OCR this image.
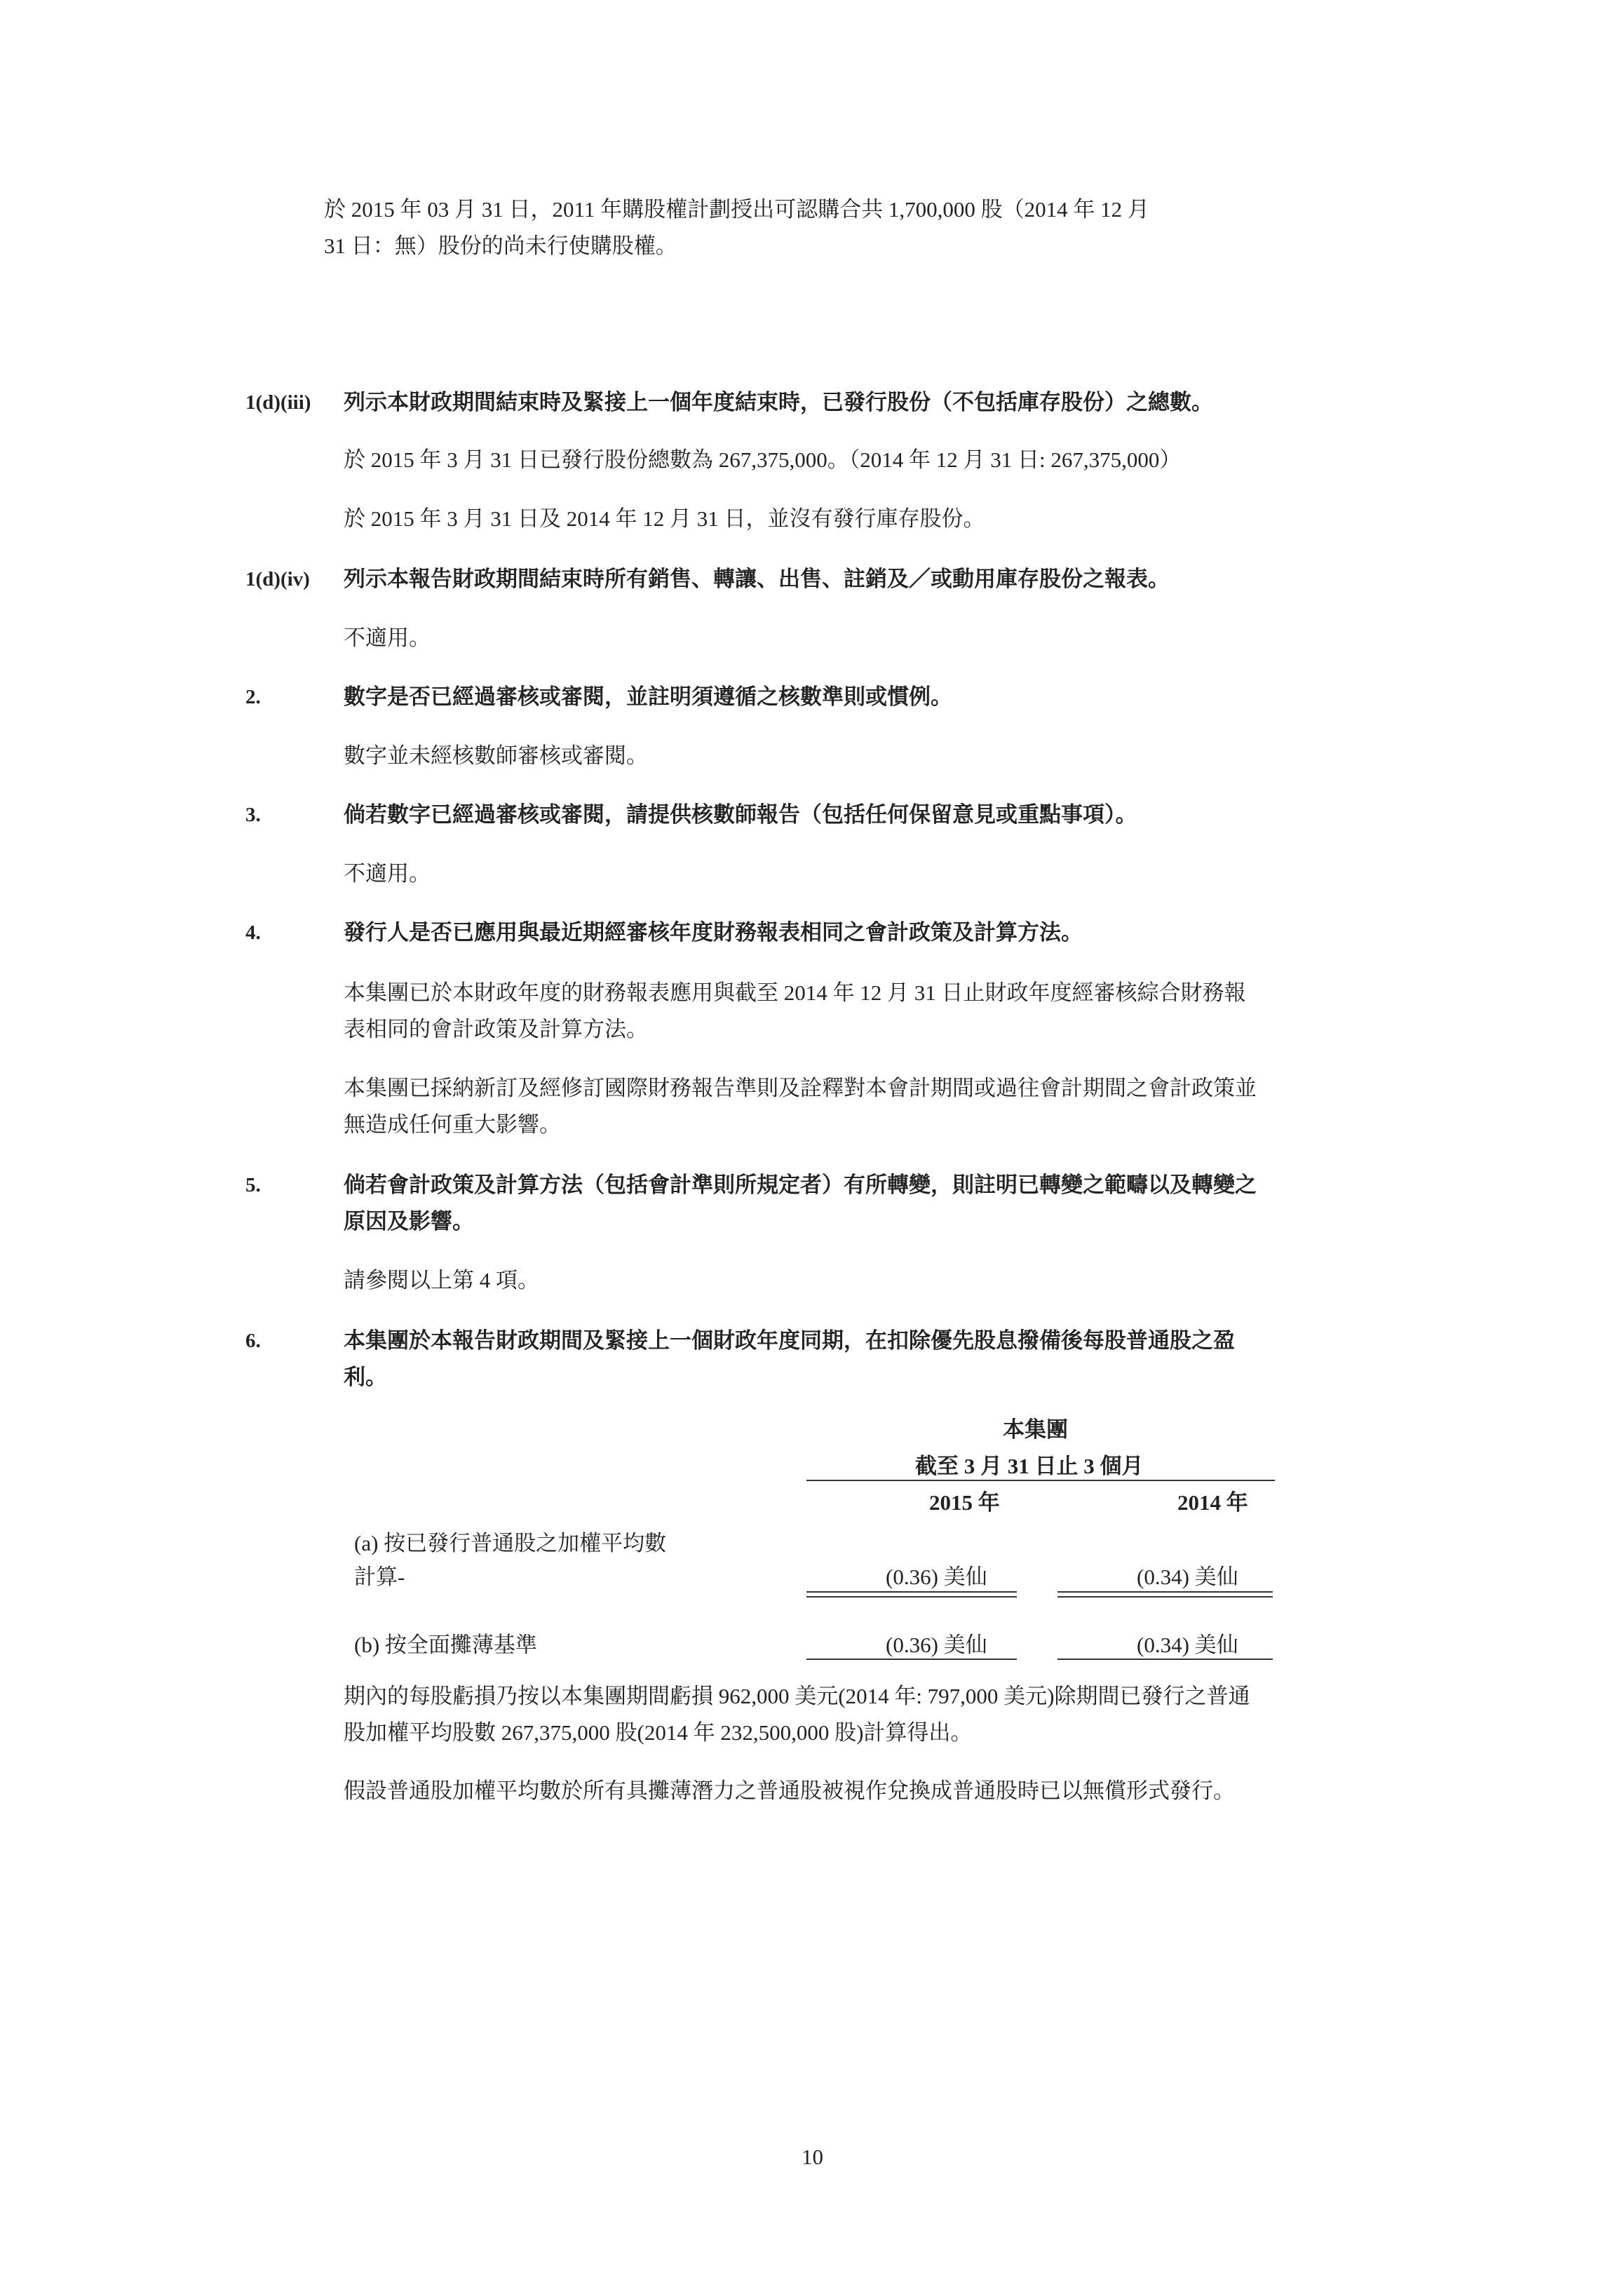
於 2015 年 03 月 31 日，2011 年購股權計劃授出可認購合共 1,700,000 股（2014 年 12 月
31 日：無）股份的尚未行使購股權。
1(d)(iii) 列示本財政期間結束時及緊接上一個年度結束時，已發行股份（不包括庫存股份）之總數。
於 2015 年 3 月 31 日已發行股份總數為 267,375,000。（2014 年 12 月 31 日: 267,375,000）
於 2015 年 3 月 31 日及 2014 年 12 月 31 日，並沒有發行庫存股份。
1(d)(iv) 列示本報告財政期間結束時所有銷售、轉讓、出售、註銷及／或動用庫存股份之報表。
不適用。
2.	數字是否已經過審核或審閱，並註明須遵循之核數準則或慣例。
數字並未經核數師審核或審閱。
3.	倘若數字已經過審核或審閱，請提供核數師報告（包括任何保留意見或重點事項）。
不適用。
4.	發行人是否已應用與最近期經審核年度財務報表相同之會計政策及計算方法。
本集團已於本財政年度的財務報表應用與截至 2014 年 12 月 31 日止財政年度經審核綜合財務報
表相同的會計政策及計算方法。
本集團已採納新訂及經修訂國際財務報告準則及詮釋對本會計期間或過往會計期間之會計政策並
無造成任何重大影響。
5.	倘若會計政策及計算方法（包括會計準則所規定者）有所轉變，則註明已轉變之範疇以及轉變之
原因及影響。
請參閱以上第 4 項。
6.	本集團於本報告財政期間及緊接上一個財政年度同期，在扣除優先股息撥備後每股普通股之盈
利。
本集團
截至 3 月 31 日止 3 個月
2015 年	2014 年
(a) 按已發行普通股之加權平均數
計算-	(0.36) 美仙	(0.34) 美仙
(b) 按全面攤薄基準	(0.36) 美仙	(0.34) 美仙
期內的每股虧損乃按以本集團期間虧損 962,000 美元(2014 年: 797,000 美元)除期間已發行之普通
股加權平均股數 267,375,000 股(2014 年 232,500,000 股)計算得出。
假設普通股加權平均數於所有具攤薄潛力之普通股被視作兌換成普通股時已以無償形式發行。
10
